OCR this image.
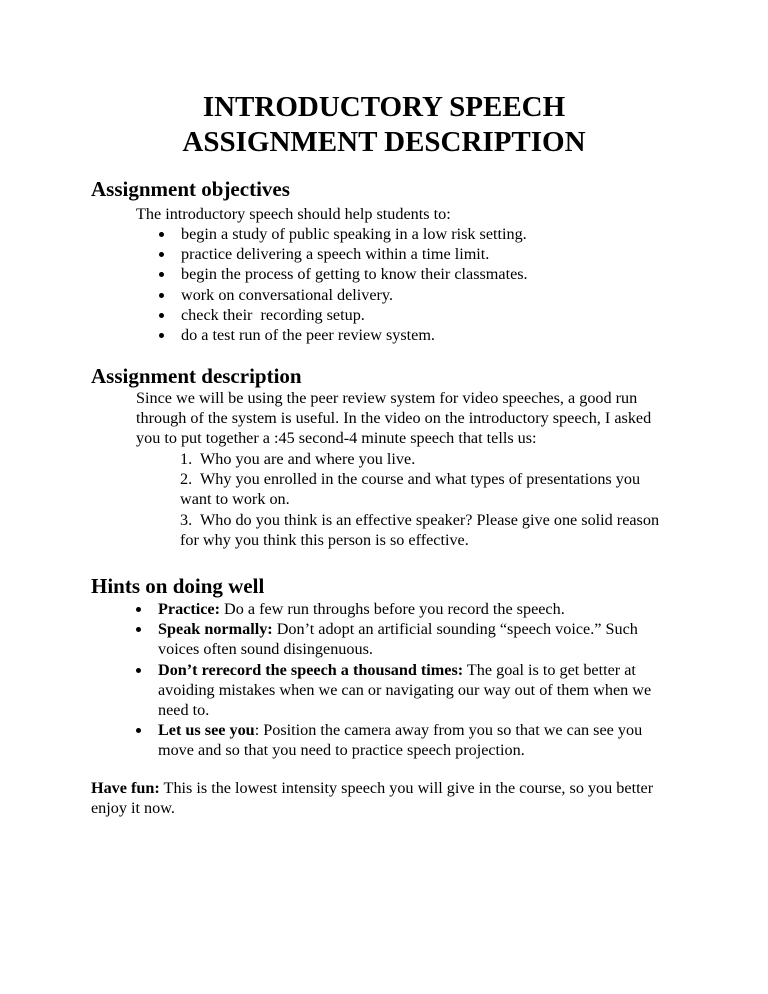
INTRODUCTORY SPEECH
ASSIGNMENT DESCRIPTION
Assignment objectives

The introductory speech should help students to:

begin a study of public speaking in a low risk setting.
practice delivering a speech within a time limit.
begin the process of getting to know their classmates.
work on conversational delivery.
check their  recording setup.
do a test run of the peer review system.
Assignment description

Since we will be using the peer review system for video speeches, a good run through of the system is useful. In the video on the introductory speech, I asked you to put together a :45 second-4 minute speech that tells us:

1.  Who you are and where you live.
2.  Why you enrolled in the course and what types of presentations you want to work on.
3.  Who do you think is an effective speaker? Please give one solid reason for why you think this person is so effective.
Hints on doing well
Practice: Do a few run throughs before you record the speech.
Speak normally: Don’t adopt an artificial sounding “speech voice.” Such voices often sound disingenuous.
Don’t rerecord the speech a thousand times: The goal is to get better at avoiding mistakes when we can or navigating our way out of them when we need to.
Let us see you: Position the camera away from you so that we can see you move and so that you need to practice speech projection.

Have fun: This is the lowest intensity speech you will give in the course, so you better enjoy it now.
